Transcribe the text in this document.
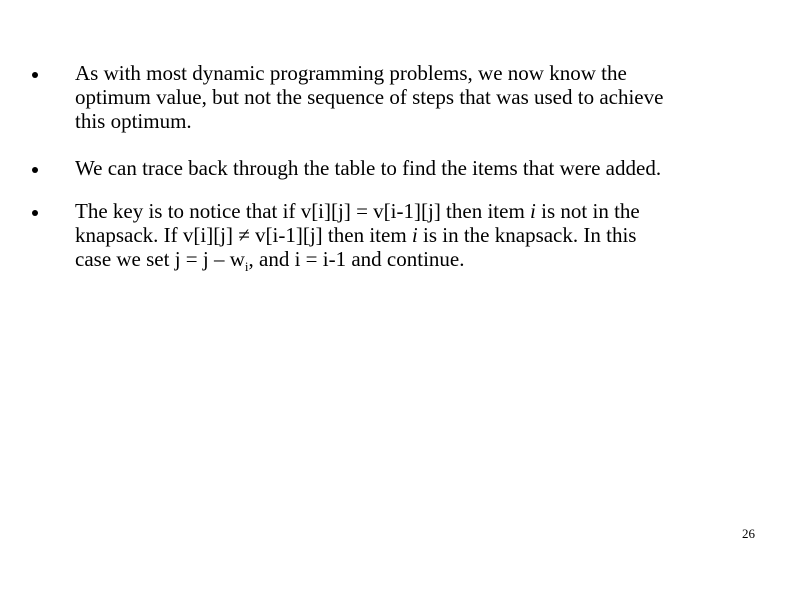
As with most dynamic programming problems, we now know the
optimum value, but not the sequence of steps that was used to achieve
this optimum.
We can trace back through the table to find the items that were added.
The key is to notice that if v[i][j] = v[i-1][j] then item i is not in the
knapsack. If v[i][j] ≠ v[i-1][j] then item i is in the knapsack. In this
case we set $j = j - w_i$, and i = i-1 and continue.
26
